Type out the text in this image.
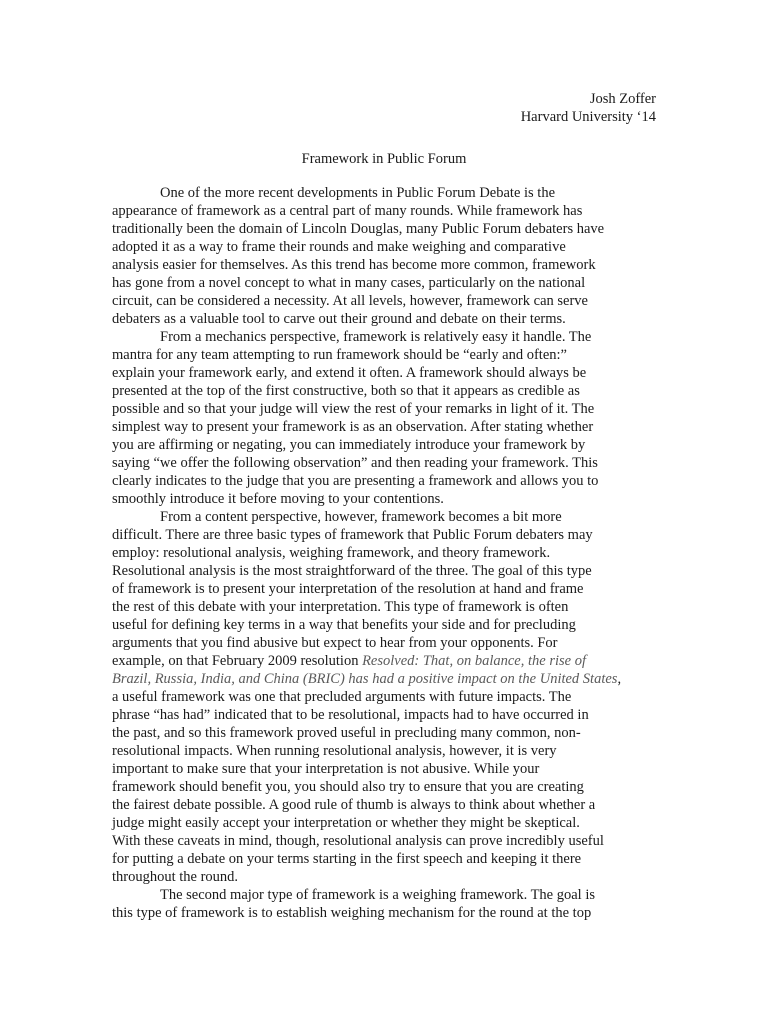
Josh Zoffer
Harvard University ‘14
Framework in Public Forum

One of the more recent developments in Public Forum Debate is the
appearance of framework as a central part of many rounds. While framework has
traditionally been the domain of Lincoln Douglas, many Public Forum debaters have
adopted it as a way to frame their rounds and make weighing and comparative
analysis easier for themselves. As this trend has become more common, framework
has gone from a novel concept to what in many cases, particularly on the national
circuit, can be considered a necessity. At all levels, however, framework can serve
debaters as a valuable tool to carve out their ground and debate on their terms.

From a mechanics perspective, framework is relatively easy it handle. The
mantra for any team attempting to run framework should be “early and often:”
explain your framework early, and extend it often. A framework should always be
presented at the top of the first constructive, both so that it appears as credible as
possible and so that your judge will view the rest of your remarks in light of it. The
simplest way to present your framework is as an observation. After stating whether
you are affirming or negating, you can immediately introduce your framework by
saying “we offer the following observation” and then reading your framework. This
clearly indicates to the judge that you are presenting a framework and allows you to
smoothly introduce it before moving to your contentions.

From a content perspective, however, framework becomes a bit more
difficult. There are three basic types of framework that Public Forum debaters may
employ: resolutional analysis, weighing framework, and theory framework.
Resolutional analysis is the most straightforward of the three. The goal of this type
of framework is to present your interpretation of the resolution at hand and frame
the rest of this debate with your interpretation. This type of framework is often
useful for defining key terms in a way that benefits your side and for precluding
arguments that you find abusive but expect to hear from your opponents. For
example, on that February 2009 resolution Resolved: That, on balance, the rise of
Brazil, Russia, India, and China (BRIC) has had a positive impact on the United States,
a useful framework was one that precluded arguments with future impacts. The
phrase “has had” indicated that to be resolutional, impacts had to have occurred in
the past, and so this framework proved useful in precluding many common, non-
resolutional impacts. When running resolutional analysis, however, it is very
important to make sure that your interpretation is not abusive. While your
framework should benefit you, you should also try to ensure that you are creating
the fairest debate possible. A good rule of thumb is always to think about whether a
judge might easily accept your interpretation or whether they might be skeptical.
With these caveats in mind, though, resolutional analysis can prove incredibly useful
for putting a debate on your terms starting in the first speech and keeping it there
throughout the round.

The second major type of framework is a weighing framework. The goal is
this type of framework is to establish weighing mechanism for the round at the top
